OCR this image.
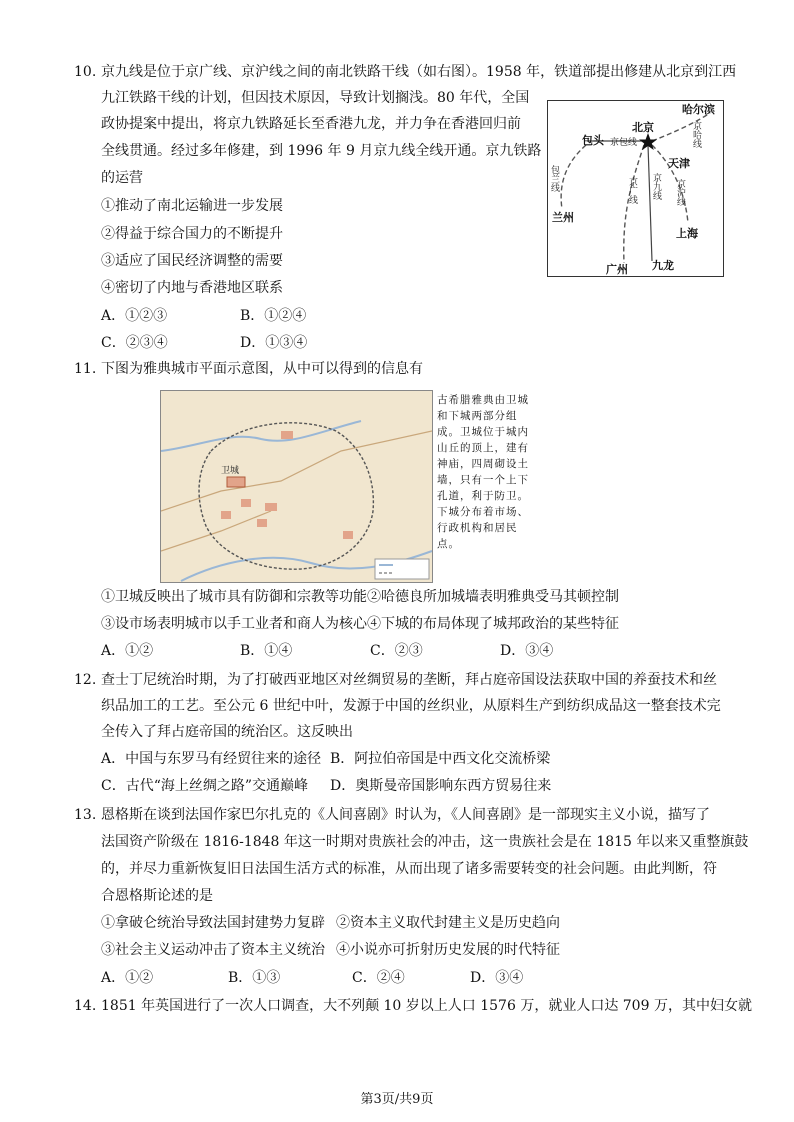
10. 京九线是位于京广线、京沪线之间的南北铁路干线（如右图）。1958 年，铁道部提出修建从北京到江西
九江铁路干线的计划，但因技术原因，导致计划搁浅。80 年代，全国
政协提案中提出，将京九铁路延长至香港九龙，并力争在香港回归前
全线贯通。经过多年修建，到 1996 年 9 月京九线全线开通。京九铁路
的运营
①推动了南北运输进一步发展
②得益于综合国力的不断提升
③适应了国民经济调整的需要
④密切了内地与香港地区联系
A．①②③	B．①②④
C．②③④	D．①③④
北京
哈尔滨
包头
天津
兰州
上海
广州 九龙
京包线
包兰线	京广线 京九线 京沪线
京哈线
11. 下图为雅典城市平面示意图，从中可以得到的信息有
卫城
古希腊雅典由卫城和下城两部分组成。卫城位于城内山丘的顶上，建有神庙，四周砌设土墙，只有一个上下孔道，利于防卫。下城分布着市场、行政机构和居民点。
①卫城反映出了城市具有防御和宗教等功能②哈德良所加城墙表明雅典受马其顿控制
③设市场表明城市以手工业者和商人为核心④下城的布局体现了城邦政治的某些特征
A．①②	B．①④	C．②③	D．③④
12. 查士丁尼统治时期，为了打破西亚地区对丝绸贸易的垄断，拜占庭帝国设法获取中国的养蚕技术和丝
织品加工的工艺。至公元 6 世纪中叶，发源于中国的丝织业，从原料生产到纺织成品这一整套技术完
全传入了拜占庭帝国的统治区。这反映出
A．中国与东罗马有经贸往来的途径 B．阿拉伯帝国是中西文化交流桥梁
C．古代“海上丝绸之路”交通巅峰 D．奥斯曼帝国影响东西方贸易往来
13. 恩格斯在谈到法国作家巴尔扎克的《人间喜剧》时认为，《人间喜剧》是一部现实主义小说，描写了
法国资产阶级在 1816-1848 年这一时期对贵族社会的冲击，这一贵族社会是在 1815 年以来又重整旗鼓
的，并尽力重新恢复旧日法国生活方式的标准，从而出现了诸多需要转变的社会问题。由此判断，符
合恩格斯论述的是
①拿破仑统治导致法国封建势力复辟 ②资本主义取代封建主义是历史趋向
③社会主义运动冲击了资本主义统治 ④小说亦可折射历史发展的时代特征
A．①②	B．①③	C．②④	D．③④
14. 1851 年英国进行了一次人口调查，大不列颠 10 岁以上人口 1576 万，就业人口达 709 万，其中妇女就
第3页/共9页
